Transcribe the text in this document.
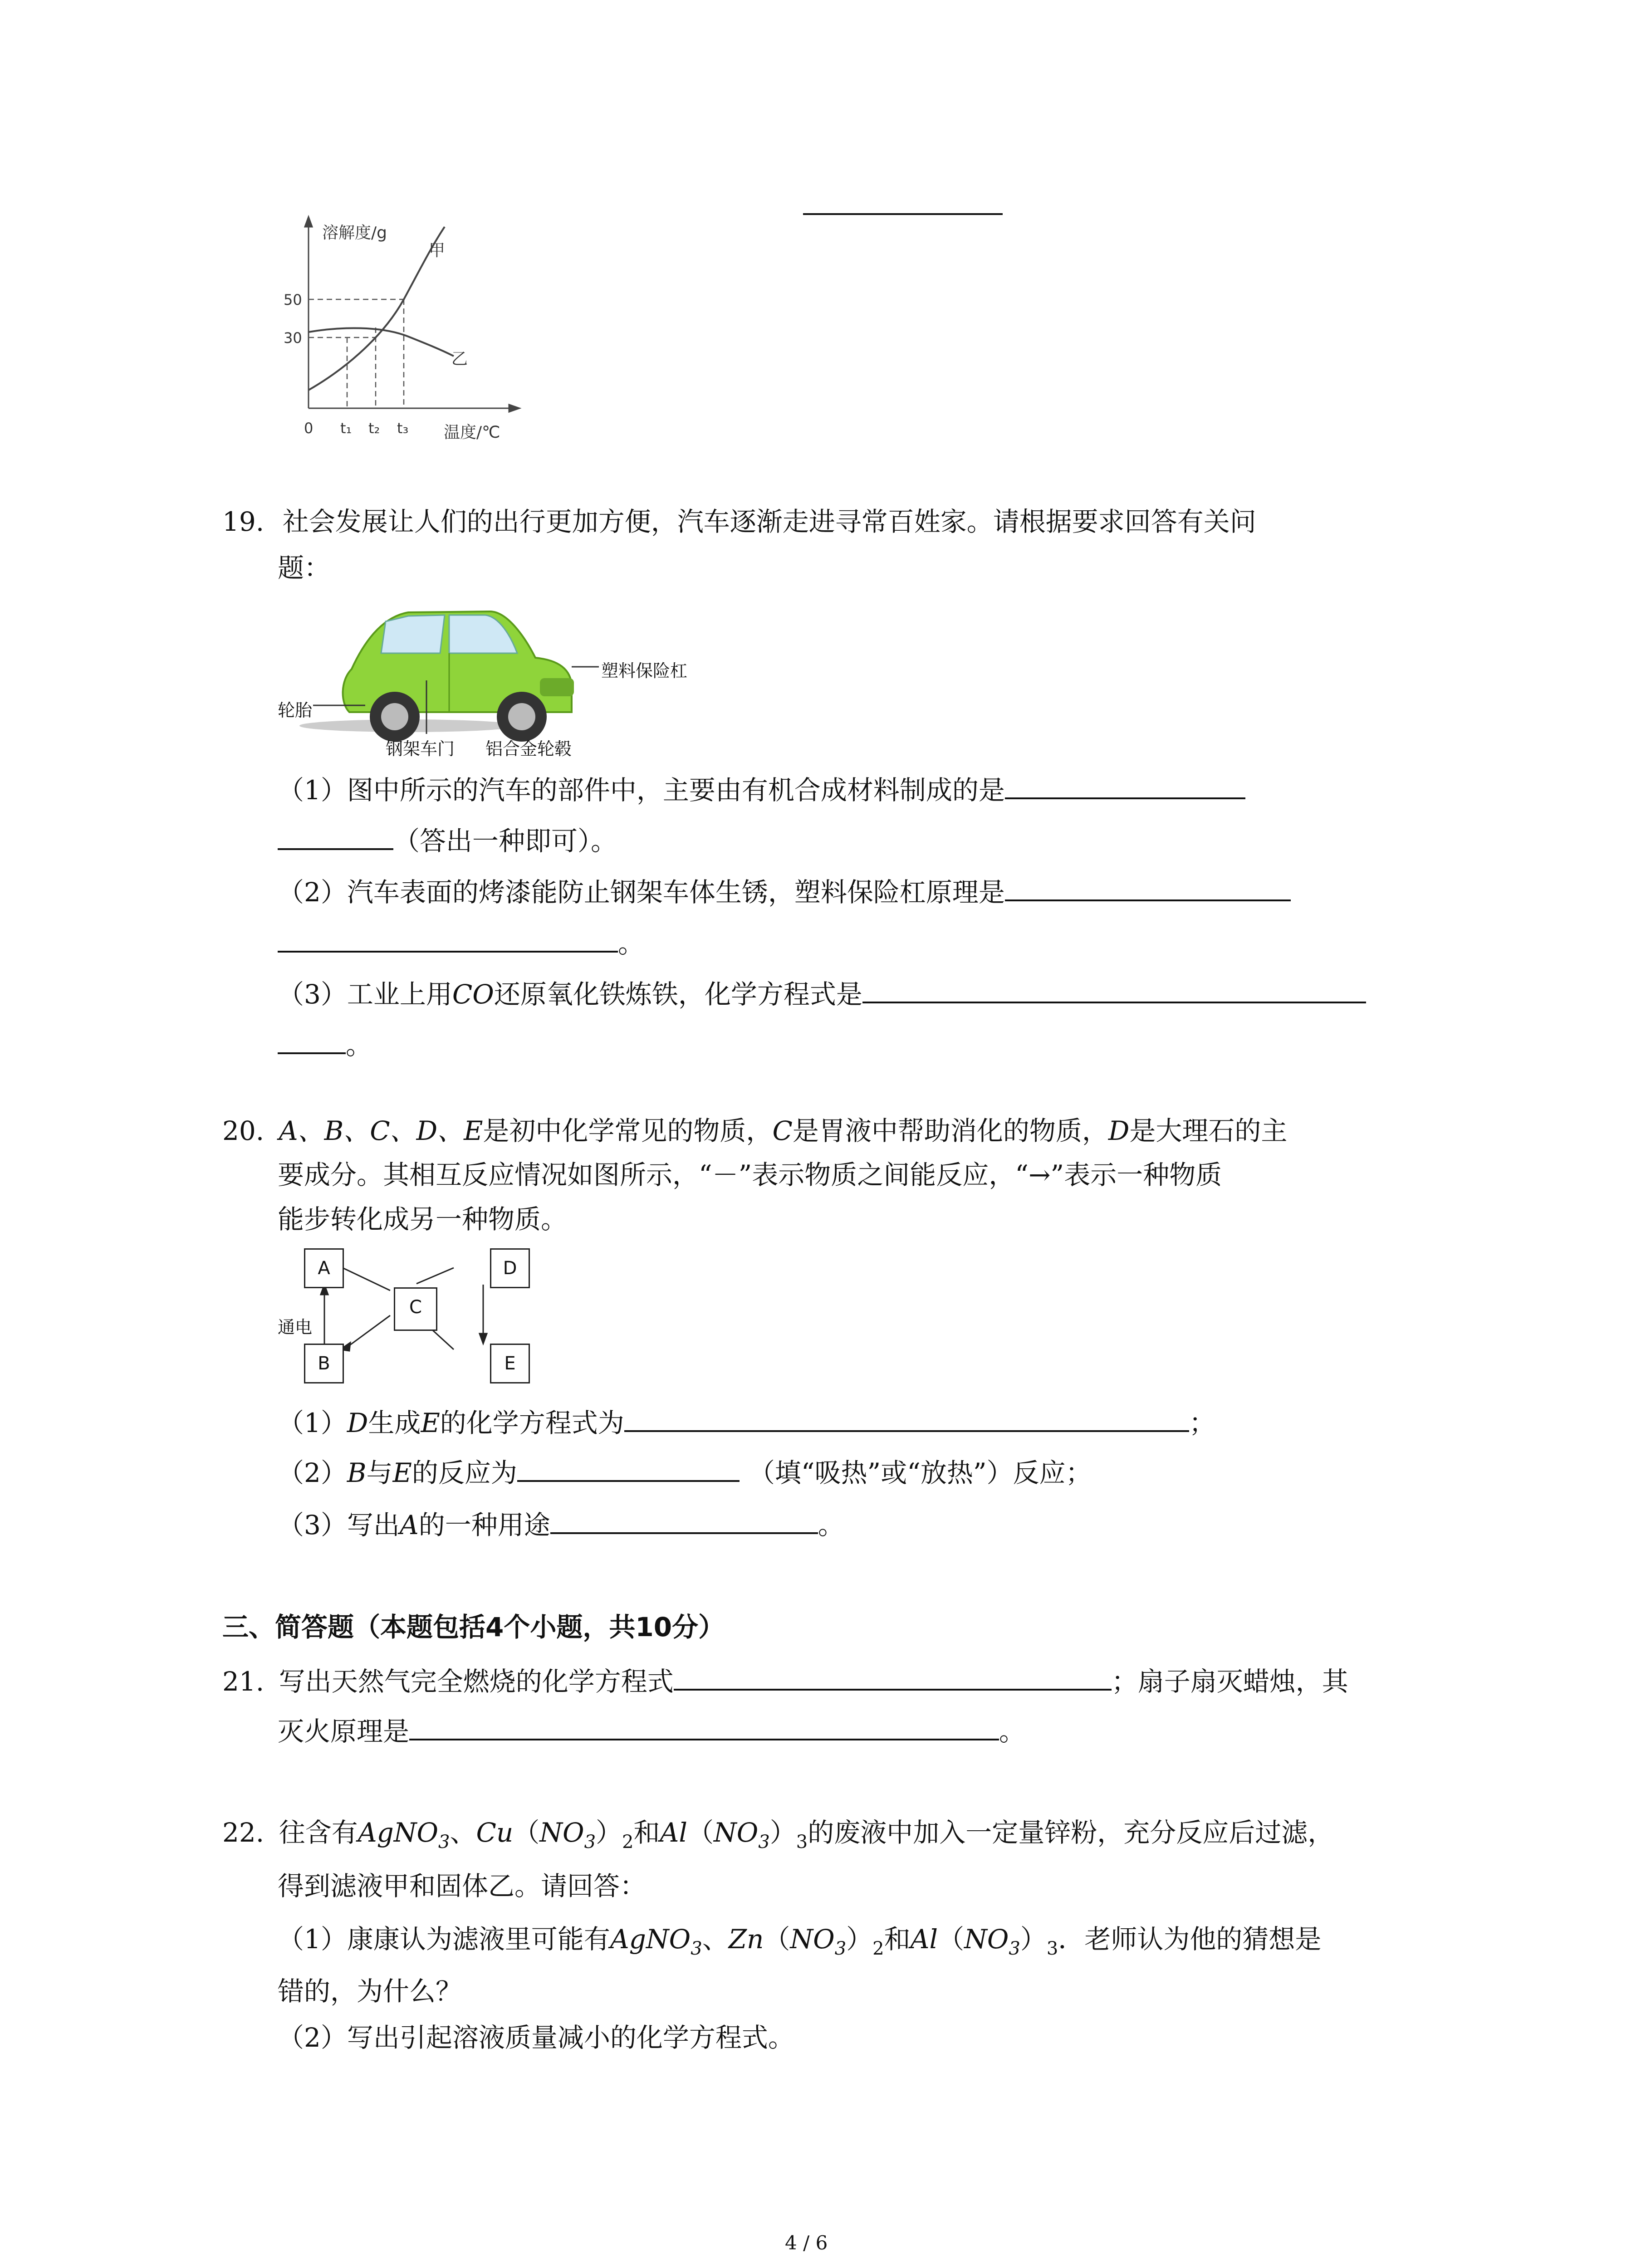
溶解度/g
甲
乙
50
30
0 t₁ t₂ t₃ 温度/℃
19. 社会发展让人们的出行更加方便，汽车逐渐走进寻常百姓家。请根据要求回答有关问
题：
轮胎
钢架车门 铝合金轮毂
塑料保险杠
（1）图中所示的汽车的部件中，主要由有机合成材料制成的是
（答出一种即可）。
（2）汽车表面的烤漆能防止钢架车体生锈，塑料保险杠原理是
。
（3）工业上用CO还原氧化铁炼铁，化学方程式是
。
20. A、B、C、D、E是初中化学常见的物质，C是胃液中帮助消化的物质，D是大理石的主
要成分。其相互反应情况如图所示，“－”表示物质之间能反应，“→”表示一种物质
能步转化成另一种物质。
A	D
C
B	E
通电
（1）D生成E的化学方程式为	；
（2）B与E的反应为	（填“吸热”或“放热”）反应；
（3）写出A的一种用途	。
三、简答题（本题包括4个小题，共10分）
21. 写出天然气完全燃烧的化学方程式	；扇子扇灭蜡烛，其
灭火原理是	。
22. 往含有AgNO$_3$、$Cu(NO_3)_2$和$Al(NO_3)_3$的废液中加入一定量锌粉，充分反应后过滤，
得到滤液甲和固体乙。请回答：
（1）康康认为滤液里可能有AgNO$_3$、$Zn(NO_3)_2$和$Al(NO_3)_3$．老师认为他的猜想是
错的，为什么？
（2）写出引起溶液质量减小的化学方程式。
4 / 6
